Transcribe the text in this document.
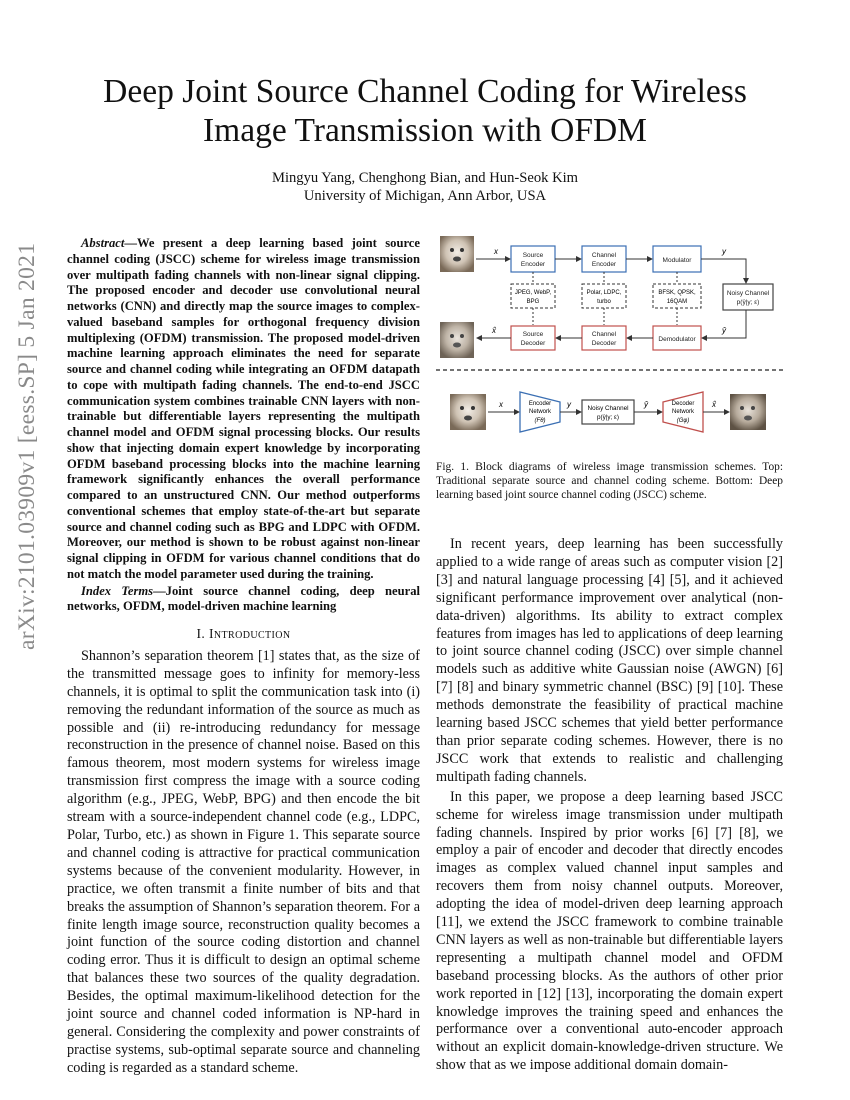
arXiv:2101.03909v1 [eess.SP] 5 Jan 2021
Deep Joint Source Channel Coding for Wireless
Image Transmission with OFDM
Mingyu Yang, Chenghong Bian, and Hun-Seok Kim
University of Michigan, Ann Arbor, USA

Abstract—We present a deep learning based joint source channel coding (JSCC) scheme for wireless image transmission over multipath fading channels with non-linear signal clipping. The proposed encoder and decoder use convolutional neural networks (CNN) and directly map the source images to complex-valued baseband samples for orthogonal frequency division multiplexing (OFDM) transmission. The proposed model-driven machine learning approach eliminates the need for separate source and channel coding while integrating an OFDM datapath to cope with multipath fading channels. The end-to-end JSCC communication system combines trainable CNN layers with non-trainable but differentiable layers representing the multipath channel model and OFDM signal processing blocks. Our results show that injecting domain expert knowledge by incorporating OFDM baseband processing blocks into the machine learning framework significantly enhances the overall performance compared to an unstructured CNN. Our method outperforms conventional schemes that employ state-of-the-art but separate source and channel coding such as BPG and LDPC with OFDM. Moreover, our method is shown to be robust against non-linear signal clipping in OFDM for various channel conditions that do not match the model parameter used during the training.

Index Terms—Joint source channel coding, deep neural networks, OFDM, model-driven machine learning

I. Introduction

Shannon’s separation theorem [1] states that, as the size of the transmitted message goes to infinity for memory-less channels, it is optimal to split the communication task into (i) removing the redundant information of the source as much as possible and (ii) re-introducing redundancy for message reconstruction in the presence of channel noise. Based on this famous theorem, most modern systems for wireless image transmission first compress the image with a source coding algorithm (e.g., JPEG, WebP, BPG) and then encode the bit stream with a source-independent channel code (e.g., LDPC, Polar, Turbo, etc.) as shown in Figure 1. This separate source and channel coding is attractive for practical communication systems because of the convenient modularity. However, in practice, we often transmit a finite number of bits and that breaks the assumption of Shannon’s separation theorem. For a finite length image source, reconstruction quality becomes a joint function of the source coding distortion and channel coding error. Thus it is difficult to design an optimal scheme that balances these two sources of the quality degradation. Besides, the optimal maximum-likelihood detection for the joint source and channel coded information is NP-hard in general. Considering the complexity and power constraints of practise systems, sub-optimal separate source and channeling coding is regarded as a standard scheme.

x	Source
Encoder
Channel
Encoder
Modulator
y
Noisy Channel
p(ŷ|y; ε)
ŷ
JPEG, WebP,
BPG
Polar, LDPC,
turbo
BFSK, QPSK,
16QAM
Demodulator
Channel
Decoder
Source
Decoder
x̂
x	Encoder
Network
(Fθ)
y	Noisy Channel
p(ŷ|y; ε)
ŷ	Decoder
Network
(Gφ)
x̂
Fig. 1. Block diagrams of wireless image transmission schemes. Top: Traditional separate source and channel coding scheme. Bottom: Deep learning based joint source channel coding (JSCC) scheme.

In recent years, deep learning has been successfully applied to a wide range of areas such as computer vision [2] [3] and natural language processing [4] [5], and it achieved significant performance improvement over analytical (non-data-driven) algorithms. Its ability to extract complex features from images has led to applications of deep learning to joint source channel coding (JSCC) over simple channel models such as additive white Gaussian noise (AWGN) [6] [7] [8] and binary symmetric channel (BSC) [9] [10]. These methods demonstrate the feasibility of practical machine learning based JSCC schemes that yield better performance than prior separate coding schemes. However, there is no JSCC work that extends to realistic and challenging multipath fading channels.

In this paper, we propose a deep learning based JSCC scheme for wireless image transmission under multipath fading channels. Inspired by prior works [6] [7] [8], we employ a pair of encoder and decoder that directly encodes images as complex valued channel input samples and recovers them from noisy channel outputs. Moreover, adopting the idea of model-driven deep learning approach [11], we extend the JSCC framework to combine trainable CNN layers as well as non-trainable but differentiable layers representing a multipath channel model and OFDM baseband processing blocks. As the authors of other prior work reported in [12] [13], incorporating the domain expert knowledge improves the training speed and enhances the performance over a conventional auto-encoder approach without an explicit domain-knowledge-driven structure. We show that as we impose additional domain domain-
